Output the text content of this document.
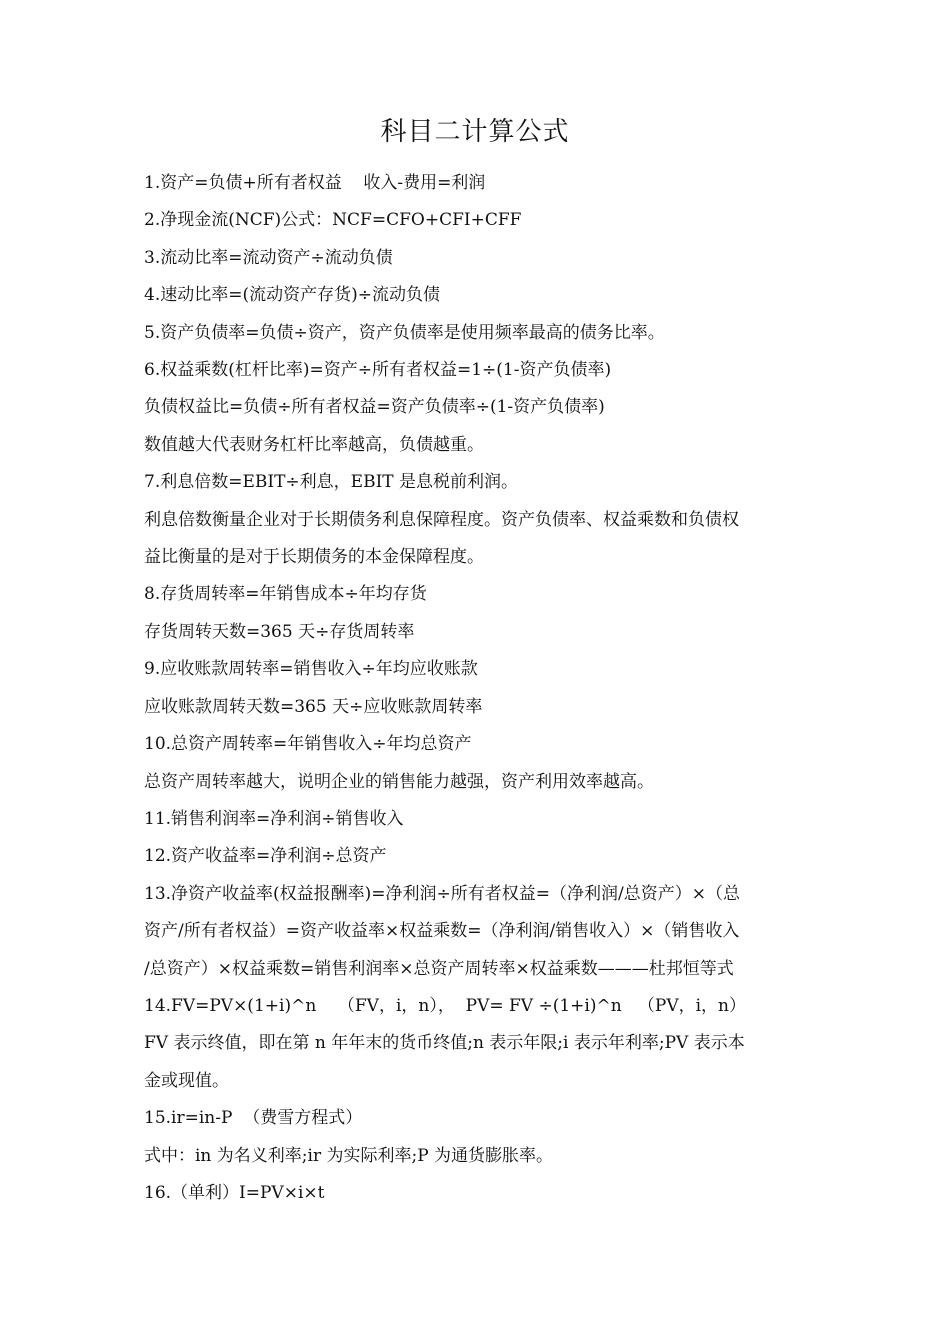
科目二计算公式

1.资产=负债+所有者权益    收入-费用=利润

2.净现金流(NCF)公式：NCF=CFO+CFI+CFF

3.流动比率=流动资产÷流动负债

4.速动比率=(流动资产存货)÷流动负债

5.资产负债率=负债÷资产，资产负债率是使用频率最高的债务比率。

6.权益乘数(杠杆比率)=资产÷所有者权益=1÷(1-资产负债率)

负债权益比=负债÷所有者权益=资产负债率÷(1-资产负债率)

数值越大代表财务杠杆比率越高，负债越重。

7.利息倍数=EBIT÷利息，EBIT 是息税前利润。

利息倍数衡量企业对于长期债务利息保障程度。资产负债率、权益乘数和负债权

益比衡量的是对于长期债务的本金保障程度。

8.存货周转率=年销售成本÷年均存货

存货周转天数=365 天÷存货周转率

9.应收账款周转率=销售收入÷年均应收账款

应收账款周转天数=365 天÷应收账款周转率

10.总资产周转率=年销售收入÷年均总资产

总资产周转率越大，说明企业的销售能力越强，资产利用效率越高。

11.销售利润率=净利润÷销售收入

12.资产收益率=净利润÷总资产

13.净资产收益率(权益报酬率)=净利润÷所有者权益=（净利润/总资产）×（总

资产/所有者权益）=资产收益率×权益乘数=（净利润/销售收入）×（销售收入

/总资产）×权益乘数=销售利润率×总资产周转率×权益乘数———杜邦恒等式

14.FV=PV×(1+i)^n    （FV，i，n），  PV= FV ÷(1+i)^n   （PV，i，n）

FV 表示终值，即在第 n 年年末的货币终值;n 表示年限;i 表示年利率;PV 表示本

金或现值。

15.ir=in-P  （费雪方程式）

式中：in 为名义利率;ir 为实际利率;P 为通货膨胀率。

16.（单利）I=PV×i×t
